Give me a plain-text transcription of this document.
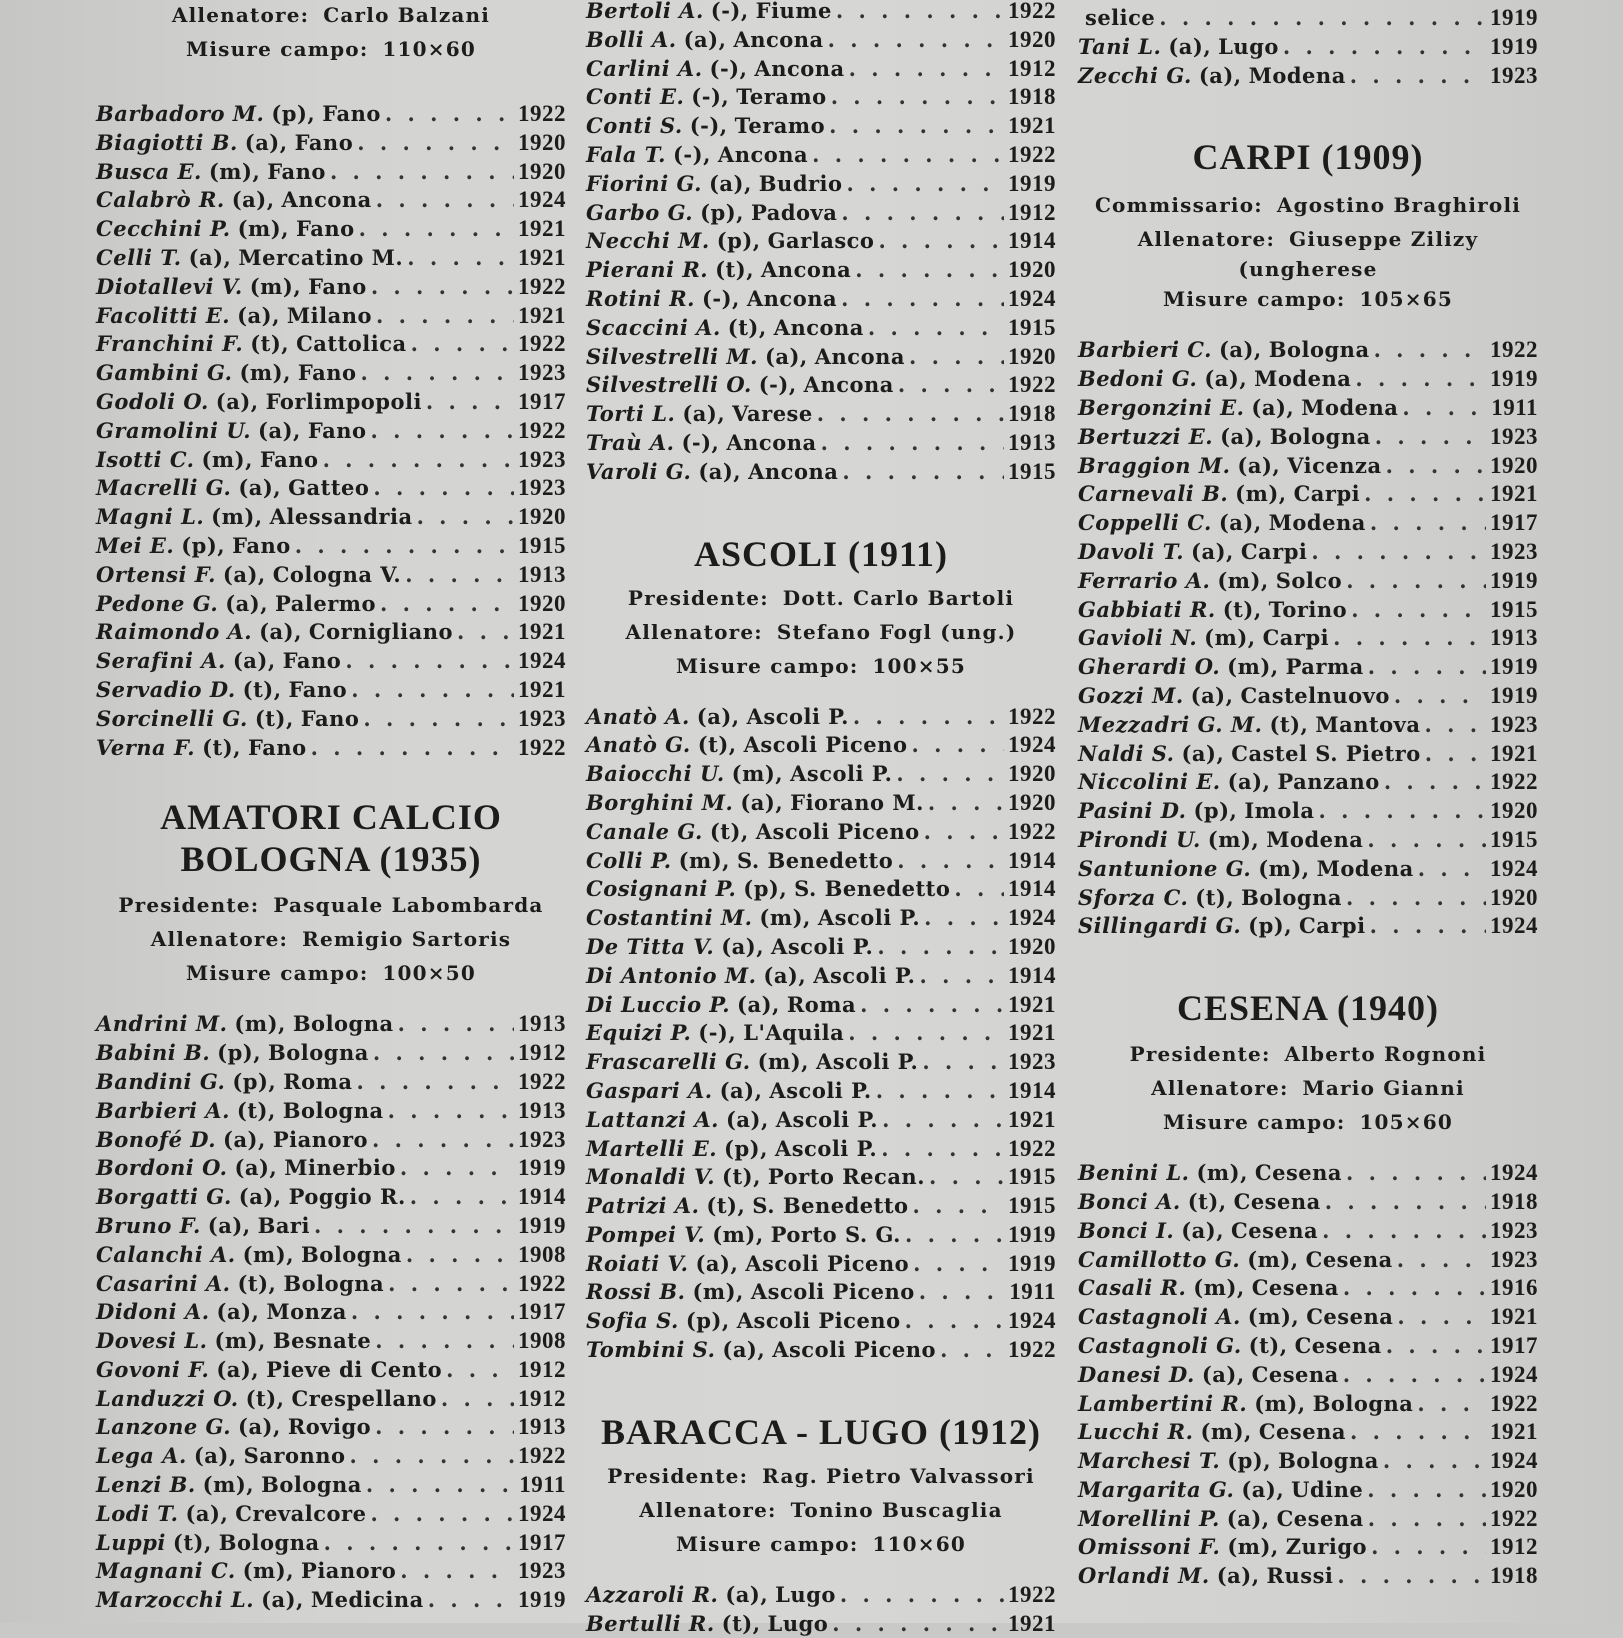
Allenatore: Carlo Balzani
Misure campo: 110×60
Barbadoro M. (p), Fano . . .	1922
Biagiotti B. (a), Fano . . .	1920
Busca E. (m), Fano . . .	1920
Calabrò R. (a), Ancona . . .	1924
Cecchini P. (m), Fano . . .	1921
Celli T. (a), Mercatino M. . . .	1921
Diotallevi V. (m), Fano . . .	1922
Facolitti E. (a), Milano . . .	1921
Franchini F. (t), Cattolica . . .	1922
Gambini G. (m), Fano . . .	1923
Godoli O. (a), Forlimpopoli . . .	1917
Gramolini U. (a), Fano . . .	1922
Isotti C. (m), Fano . . .	1923
Macrelli G. (a), Gatteo . . .	1923
Magni L. (m), Alessandria . . .	1920
Mei E. (p), Fano . . .	1915
Ortensi F. (a), Cologna V. . . .	1913
Pedone G. (a), Palermo . . .	1920
Raimondo A. (a), Cornigliano . . .	1921
Serafini A. (a), Fano . . .	1924
Servadio D. (t), Fano . . .	1921
Sorcinelli G. (t), Fano . . .	1923
Verna F. (t), Fano . . .	1922
AMATORI CALCIO
BOLOGNA (1935)
Presidente: Pasquale Labombarda
Allenatore: Remigio Sartoris
Misure campo: 100×50
Andrini M. (m), Bologna . . .	1913
Babini B. (p), Bologna . . .	1912
Bandini G. (p), Roma . . .	1922
Barbieri A. (t), Bologna . . .	1913
Bonofé D. (a), Pianoro . . .	1923
Bordoni O. (a), Minerbio . . .	1919
Borgatti G. (a), Poggio R. . . .	1914
Bruno F. (a), Bari . . .	1919
Calanchi A. (m), Bologna . . .	1908
Casarini A. (t), Bologna . . .	1922
Didoni A. (a), Monza . . .	1917
Dovesi L. (m), Besnate . . .	1908
Govoni F. (a), Pieve di Cento . . .	1912
Landuzzi O. (t), Crespellano . . .	1912
Lanzone G. (a), Rovigo . . .	1913
Lega A. (a), Saronno . . .	1922
Lenzi B. (m), Bologna . . .	1911
Lodi T. (a), Crevalcore . . .	1924
Luppi (t), Bologna . . .	1917
Magnani C. (m), Pianoro . . .	1923
Marzocchi L. (a), Medicina . . .	1919
Bertoli A. (-), Fiume . . .	1922
Bolli A. (a), Ancona . . .	1920
Carlini A. (-), Ancona . . .	1912
Conti E. (-), Teramo . . .	1918
Conti S. (-), Teramo . . .	1921
Fala T. (-), Ancona . . .	1922
Fiorini G. (a), Budrio . . .	1919
Garbo G. (p), Padova . . .	1912
Necchi M. (p), Garlasco . . .	1914
Pierani R. (t), Ancona . . .	1920
Rotini R. (-), Ancona . . .	1924
Scaccini A. (t), Ancona . . .	1915
Silvestrelli M. (a), Ancona . . .	1920
Silvestrelli O. (-), Ancona . . .	1922
Torti L. (a), Varese . . .	1918
Traù A. (-), Ancona . . .	1913
Varoli G. (a), Ancona . . .	1915
ASCOLI (1911)
Presidente: Dott. Carlo Bartoli
Allenatore: Stefano Fogl (ung.)
Misure campo: 100×55
Anatò A. (a), Ascoli P. . . .	1922
Anatò G. (t), Ascoli Piceno . . .	1924
Baiocchi U. (m), Ascoli P. . . .	1920
Borghini M. (a), Fiorano M. . . .	1920
Canale G. (t), Ascoli Piceno . . .	1922
Colli P. (m), S. Benedetto . . .	1914
Cosignani P. (p), S. Benedetto . . .	1914
Costantini M. (m), Ascoli P. . . .	1924
De Titta V. (a), Ascoli P. . . .	1920
Di Antonio M. (a), Ascoli P. . . .	1914
Di Luccio P. (a), Roma . . .	1921
Equizi P. (-), L'Aquila . . .	1921
Frascarelli G. (m), Ascoli P. . . .	1923
Gaspari A. (a), Ascoli P. . . .	1914
Lattanzi A. (a), Ascoli P. . . .	1921
Martelli E. (p), Ascoli P. . . .	1922
Monaldi V. (t), Porto Recan. . . .	1915
Patrizi A. (t), S. Benedetto . . .	1915
Pompei V. (m), Porto S. G. . . .	1919
Roiati V. (a), Ascoli Piceno . . .	1919
Rossi B. (m), Ascoli Piceno . . .	1911
Sofia S. (p), Ascoli Piceno . . .	1924
Tombini S. (a), Ascoli Piceno . . .	1922
BARACCA - LUGO (1912)
Presidente: Rag. Pietro Valvassori
Allenatore: Tonino Buscaglia
Misure campo: 110×60
Azzaroli R. (a), Lugo . . .	1922
Bertulli R. (t), Lugo . . .	1921
selice . . .	1919
Tani L. (a), Lugo . . .	1919
Zecchi G. (a), Modena . . .	1923
CARPI (1909)
Commissario: Agostino Braghiroli
Allenatore: Giuseppe Zilizy
(ungherese
Misure campo: 105×65
Barbieri C. (a), Bologna . . .	1922
Bedoni G. (a), Modena . . .	1919
Bergonzini E. (a), Modena . . .	1911
Bertuzzi E. (a), Bologna . . .	1923
Braggion M. (a), Vicenza . . .	1920
Carnevali B. (m), Carpi . . .	1921
Coppelli C. (a), Modena . . .	1917
Davoli T. (a), Carpi . . .	1923
Ferrario A. (m), Solco . . .	1919
Gabbiati R. (t), Torino . . .	1915
Gavioli N. (m), Carpi . . .	1913
Gherardi O. (m), Parma . . .	1919
Gozzi M. (a), Castelnuovo . . .	1919
Mezzadri G. M. (t), Mantova . . .	1923
Naldi S. (a), Castel S. Pietro . . .	1921
Niccolini E. (a), Panzano . . .	1922
Pasini D. (p), Imola . . .	1920
Pirondi U. (m), Modena . . .	1915
Santunione G. (m), Modena . . .	1924
Sforza C. (t), Bologna . . .	1920
Sillingardi G. (p), Carpi . . .	1924
CESENA (1940)
Presidente: Alberto Rognoni
Allenatore: Mario Gianni
Misure campo: 105×60
Benini L. (m), Cesena . . .	1924
Bonci A. (t), Cesena . . .	1918
Bonci I. (a), Cesena . . .	1923
Camillotto G. (m), Cesena . . .	1923
Casali R. (m), Cesena . . .	1916
Castagnoli A. (m), Cesena . . .	1921
Castagnoli G. (t), Cesena . . .	1917
Danesi D. (a), Cesena . . .	1924
Lambertini R. (m), Bologna . . .	1922
Lucchi R. (m), Cesena . . .	1921
Marchesi T. (p), Bologna . . .	1924
Margarita G. (a), Udine . . .	1920
Morellini P. (a), Cesena . . .	1922
Omissoni F. (m), Zurigo . . .	1912
Orlandi M. (a), Russi . . .	1918
